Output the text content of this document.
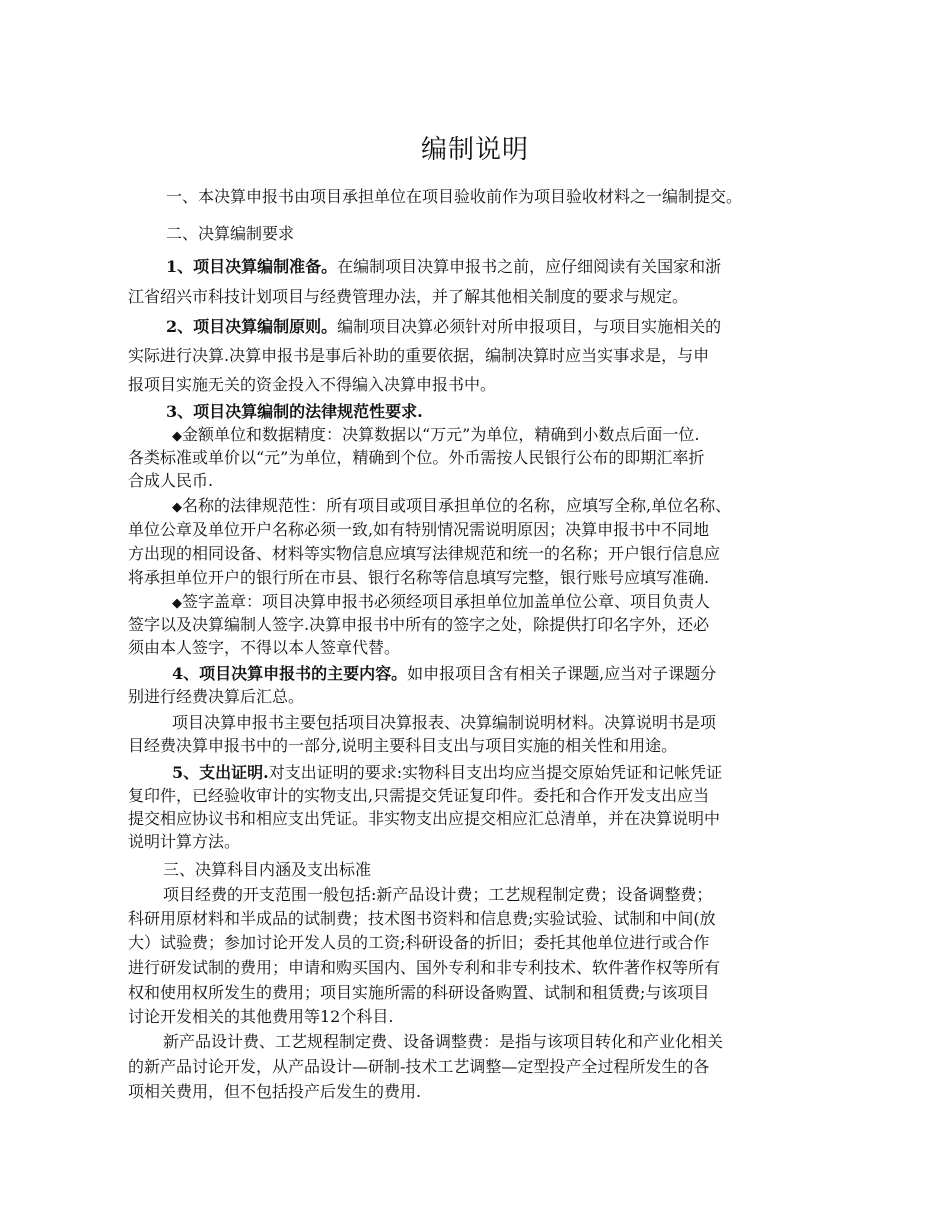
编制说明
一、本决算申报书由项目承担单位在项目验收前作为项目验收材料之一编制提交。
二、决算编制要求
1、项目决算编制准备。在编制项目决算申报书之前，应仔细阅读有关国家和浙
江省绍兴市科技计划项目与经费管理办法，并了解其他相关制度的要求与规定。
2、项目决算编制原则。编制项目决算必须针对所申报项目，与项目实施相关的
实际进行决算.决算申报书是事后补助的重要依据，编制决算时应当实事求是，与申
报项目实施无关的资金投入不得编入决算申报书中。
3、项目决算编制的法律规范性要求.
◆金额单位和数据精度：决算数据以“万元”为单位，精确到小数点后面一位.
各类标准或单价以“元”为单位，精确到个位。外币需按人民银行公布的即期汇率折
合成人民币.
◆名称的法律规范性：所有项目或项目承担单位的名称，应填写全称,单位名称、
单位公章及单位开户名称必须一致,如有特别情况需说明原因；决算申报书中不同地
方出现的相同设备、材料等实物信息应填写法律规范和统一的名称；开户银行信息应
将承担单位开户的银行所在市县、银行名称等信息填写完整，银行账号应填写准确.
◆签字盖章：项目决算申报书必须经项目承担单位加盖单位公章、项目负责人
签字以及决算编制人签字.决算申报书中所有的签字之处，除提供打印名字外，还必
须由本人签字，不得以本人签章代替。
4、项目决算申报书的主要内容。如申报项目含有相关子课题,应当对子课题分
别进行经费决算后汇总。
项目决算申报书主要包括项目决算报表、决算编制说明材料。决算说明书是项
目经费决算申报书中的一部分,说明主要科目支出与项目实施的相关性和用途。
5、支出证明.对支出证明的要求:实物科目支出均应当提交原始凭证和记帐凭证
复印件，已经验收审计的实物支出,只需提交凭证复印件。委托和合作开发支出应当
提交相应协议书和相应支出凭证。非实物支出应提交相应汇总清单，并在决算说明中
说明计算方法。
三、决算科目内涵及支出标准
项目经费的开支范围一般包括:新产品设计费；工艺规程制定费；设备调整费；
科研用原材料和半成品的试制费；技术图书资料和信息费;实验试验、试制和中间(放
大）试验费；参加讨论开发人员的工资;科研设备的折旧；委托其他单位进行或合作
进行研发试制的费用；申请和购买国内、国外专利和非专利技术、软件著作权等所有
权和使用权所发生的费用；项目实施所需的科研设备购置、试制和租赁费;与该项目
讨论开发相关的其他费用等12个科目.
新产品设计费、工艺规程制定费、设备调整费：是指与该项目转化和产业化相关
的新产品讨论开发，从产品设计—研制-技术工艺调整—定型投产全过程所发生的各
项相关费用，但不包括投产后发生的费用.
